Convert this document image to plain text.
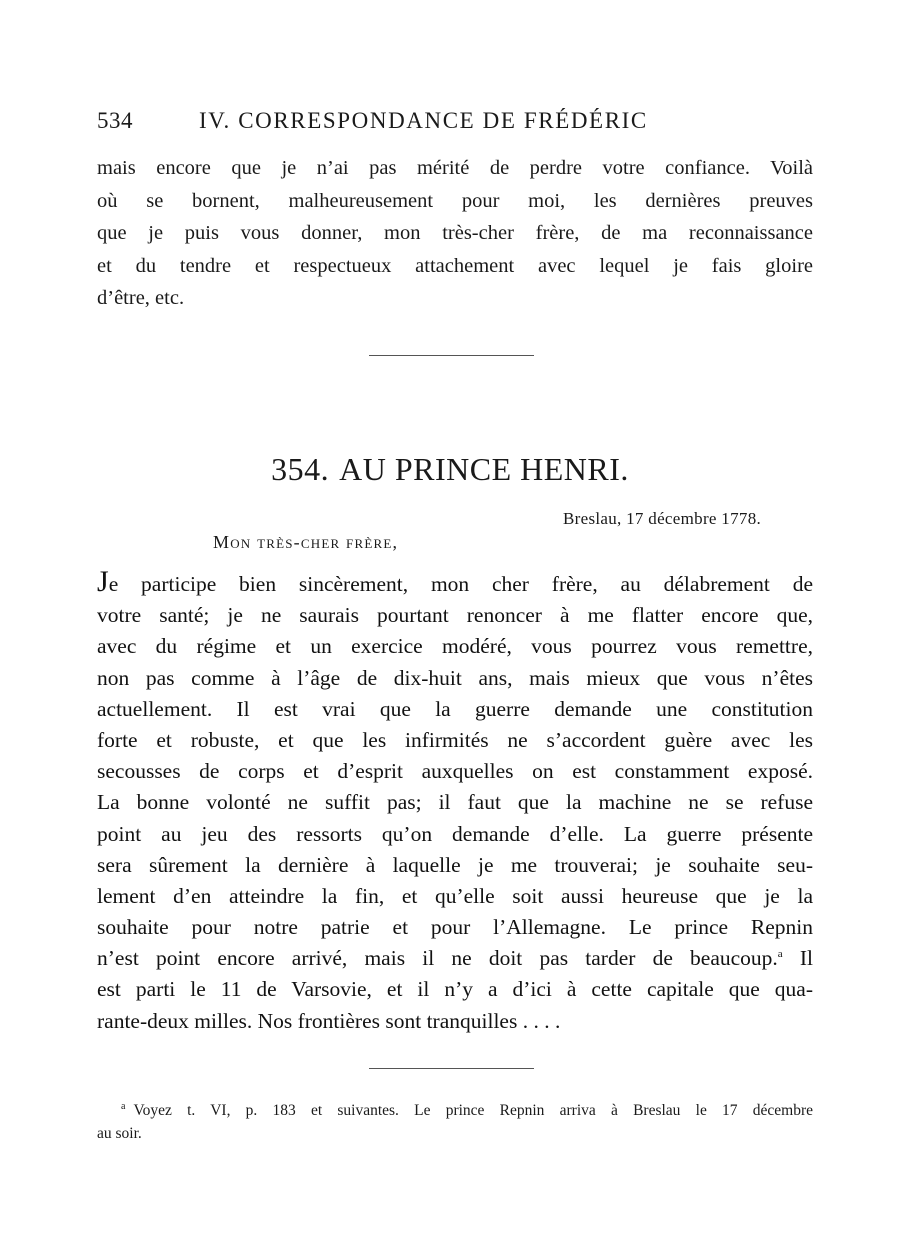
534	IV. CORRESPONDANCE DE FRÉDÉRIC
mais encore que je n’ai pas mérité de perdre votre confiance. Voilà
où se bornent, malheureusement pour moi, les dernières preuves
que je puis vous donner, mon très-cher frère, de ma reconnaissance
et du tendre et respectueux attachement avec lequel je fais gloire
d’être, etc.
354. AU PRINCE HENRI.
Breslau, 17 décembre 1778.
Mon très-cher frère,
Je participe bien sincèrement, mon cher frère, au délabrement de
votre santé; je ne saurais pourtant renoncer à me flatter encore que,
avec du régime et un exercice modéré, vous pourrez vous remettre,
non pas comme à l’âge de dix-huit ans, mais mieux que vous n’êtes
actuellement. Il est vrai que la guerre demande une constitution
forte et robuste, et que les infirmités ne s’accordent guère avec les
secousses de corps et d’esprit auxquelles on est constamment exposé.
La bonne volonté ne suffit pas; il faut que la machine ne se refuse
point au jeu des ressorts qu’on demande d’elle. La guerre présente
sera sûrement la dernière à laquelle je me trouverai; je souhaite seu-
lement d’en atteindre la fin, et qu’elle soit aussi heureuse que je la
souhaite pour notre patrie et pour l’Allemagne. Le prince Repnin
n’est point encore arrivé, mais il ne doit pas tarder de beaucoup.$^a$ Il
est parti le 11 de Varsovie, et il n’y a d’ici à cette capitale que qua-
rante-deux milles. Nos frontières sont tranquilles . . . .
$^a$ Voyez t. VI, p. 183 et suivantes. Le prince Repnin arriva à Breslau le 17 décembre
au soir.
